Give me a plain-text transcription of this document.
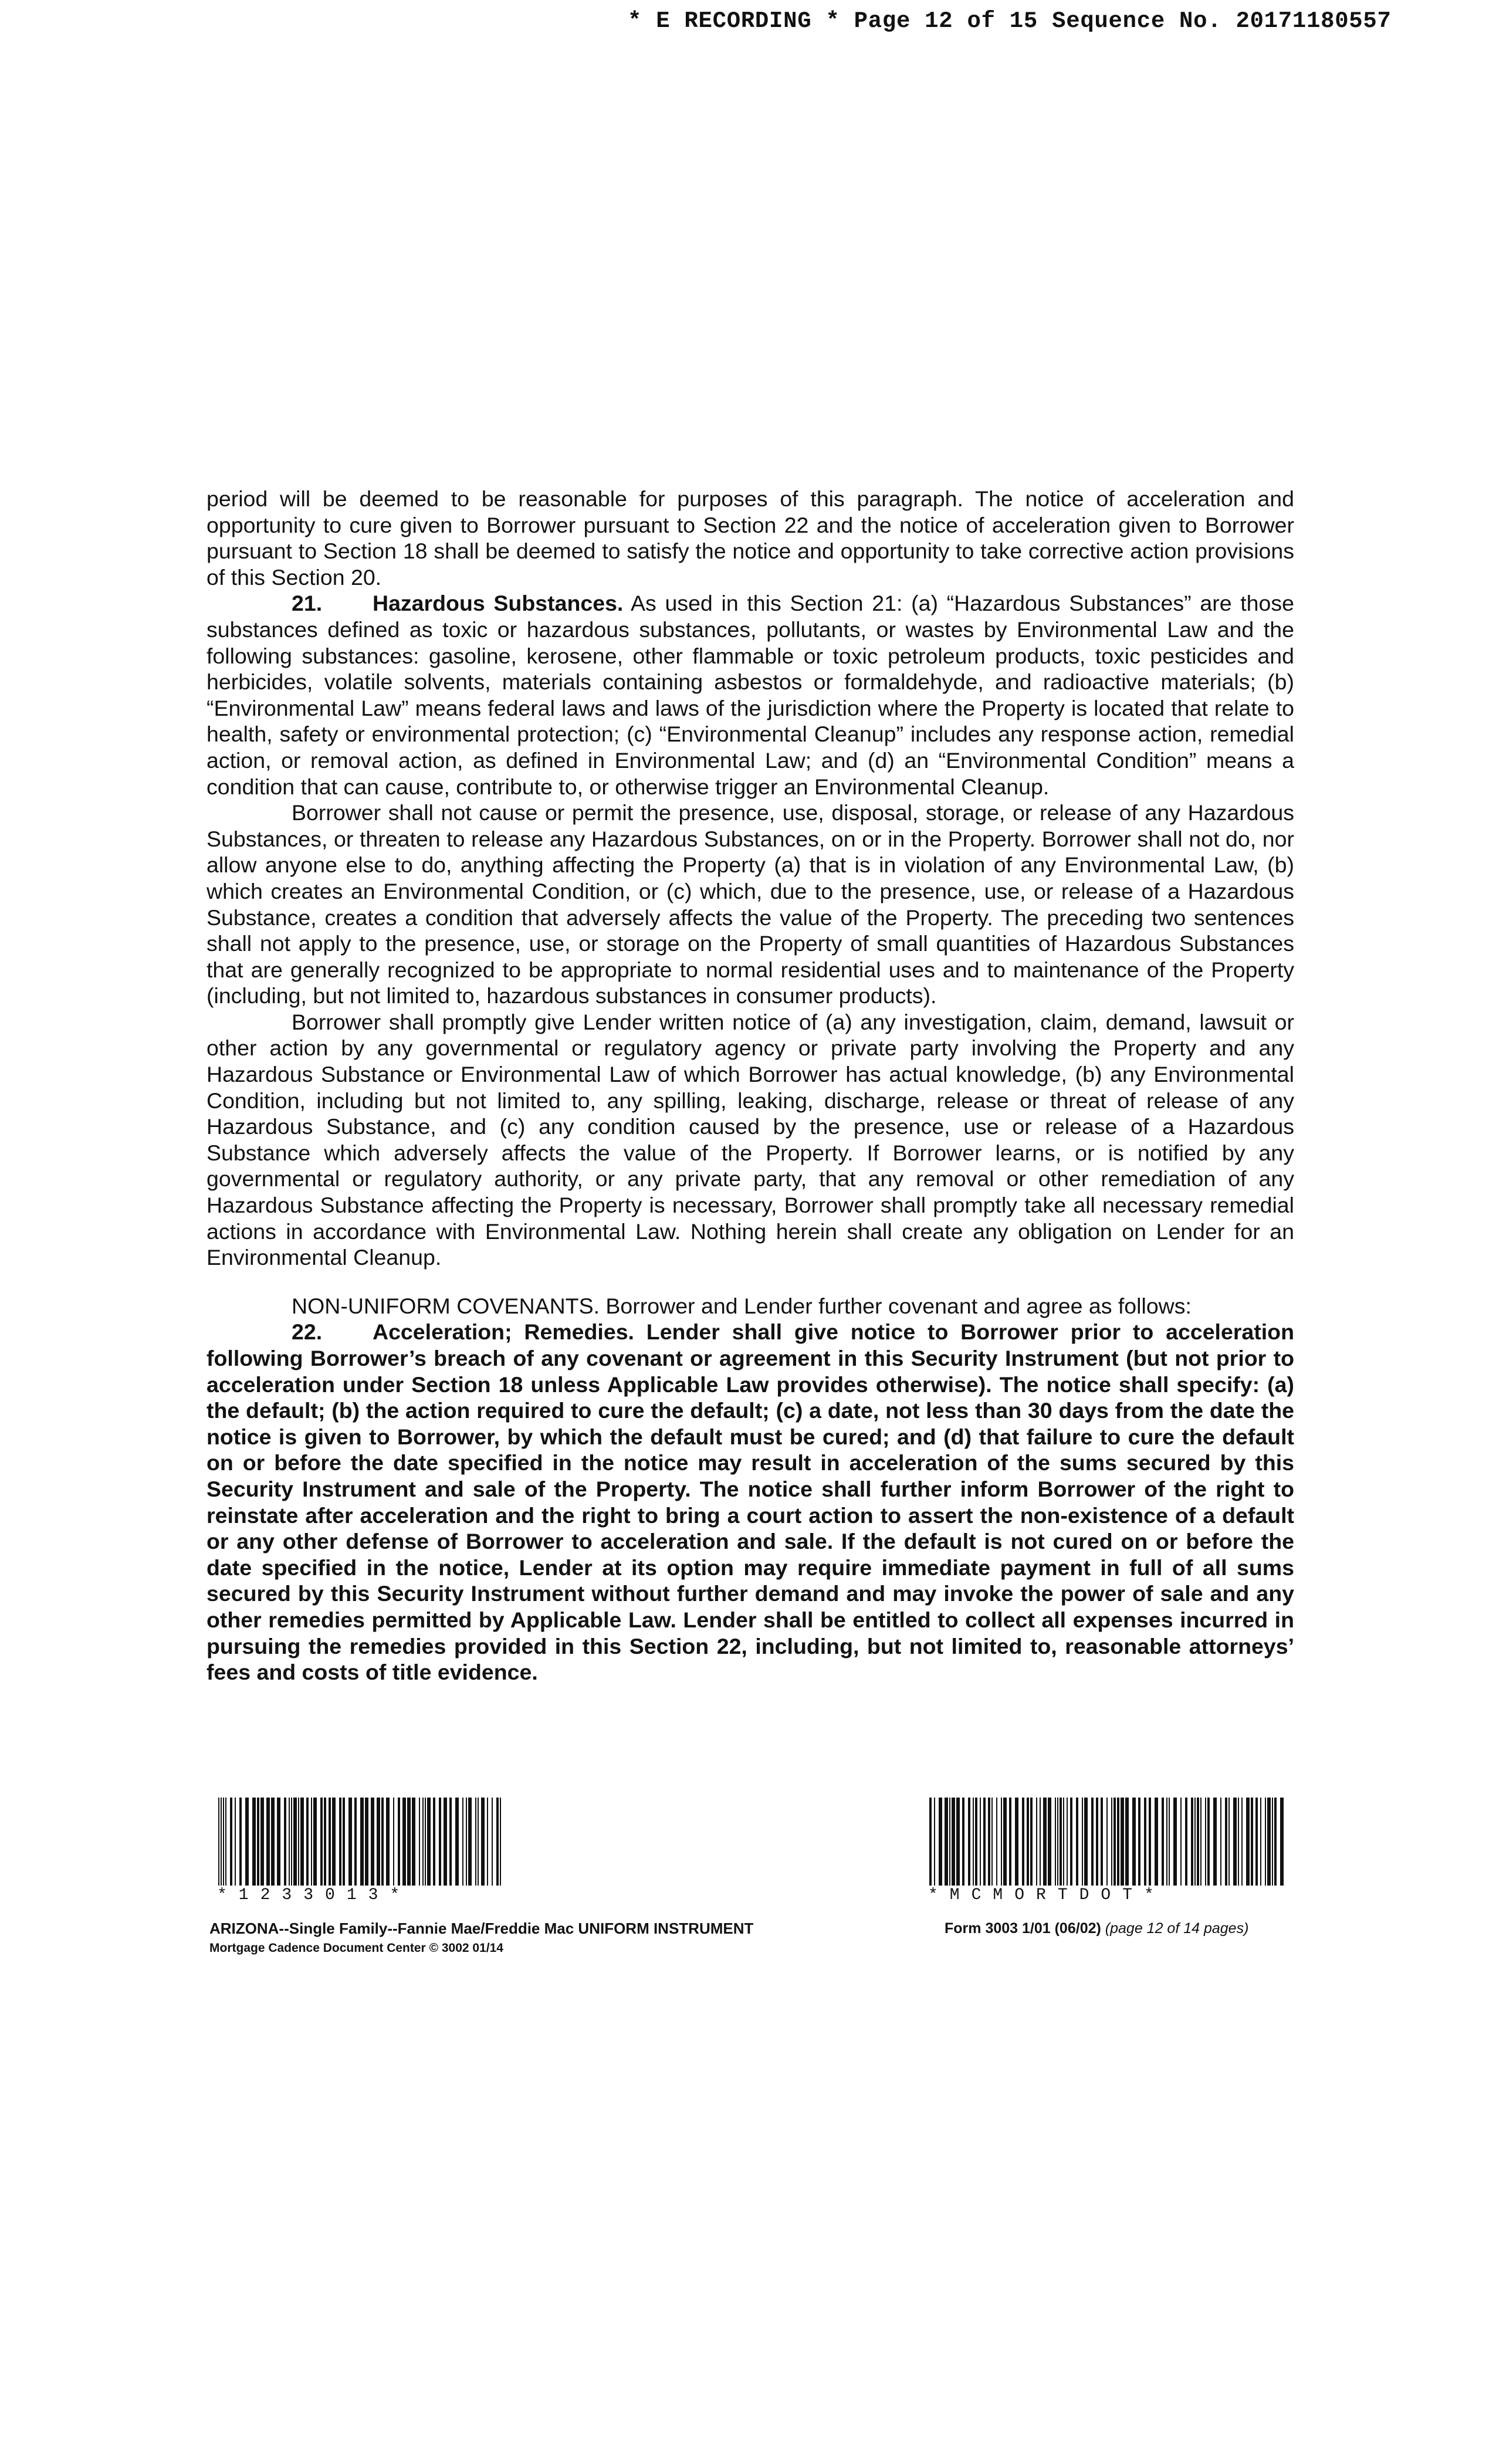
* E RECORDING * Page 12 of 15 Sequence No. 20171180557

period will be deemed to be reasonable for purposes of this paragraph. The notice of acceleration and opportunity to cure given to Borrower pursuant to Section 22 and the notice of acceleration given to Borrower pursuant to Section 18 shall be deemed to satisfy the notice and opportunity to take corrective action provisions of this Section 20.

21. Hazardous Substances. As used in this Section 21: (a) “Hazardous Substances” are those substances defined as toxic or hazardous substances, pollutants, or wastes by Environmental Law and the following substances: gasoline, kerosene, other flammable or toxic petroleum products, toxic pesticides and herbicides, volatile solvents, materials containing asbestos or formaldehyde, and radioactive materials; (b) “Environmental Law” means federal laws and laws of the jurisdiction where the Property is located that relate to health, safety or environmental protection; (c) “Environmental Cleanup” includes any response action, remedial action, or removal action, as defined in Environmental Law; and (d) an “Environmental Condition” means a condition that can cause, contribute to, or otherwise trigger an Environmental Cleanup.

Borrower shall not cause or permit the presence, use, disposal, storage, or release of any Hazardous Substances, or threaten to release any Hazardous Substances, on or in the Property. Borrower shall not do, nor allow anyone else to do, anything affecting the Property (a) that is in violation of any Environmental Law, (b) which creates an Environmental Condition, or (c) which, due to the presence, use, or release of a Hazardous Substance, creates a condition that adversely affects the value of the Property. The preceding two sentences shall not apply to the presence, use, or storage on the Property of small quantities of Hazardous Substances that are generally recognized to be appropriate to normal residential uses and to maintenance of the Property (including, but not limited to, hazardous substances in consumer products).

Borrower shall promptly give Lender written notice of (a) any investigation, claim, demand, lawsuit or other action by any governmental or regulatory agency or private party involving the Property and any Hazardous Substance or Environmental Law of which Borrower has actual knowledge, (b) any Environmental Condition, including but not limited to, any spilling, leaking, discharge, release or threat of release of any Hazardous Substance, and (c) any condition caused by the presence, use or release of a Hazardous Substance which adversely affects the value of the Property. If Borrower learns, or is notified by any governmental or regulatory authority, or any private party, that any removal or other remediation of any Hazardous Substance affecting the Property is necessary, Borrower shall promptly take all necessary remedial actions in accordance with Environmental Law. Nothing herein shall create any obligation on Lender for an Environmental Cleanup.

NON-UNIFORM COVENANTS. Borrower and Lender further covenant and agree as follows:

22. Acceleration; Remedies. Lender shall give notice to Borrower prior to acceleration following Borrower’s breach of any covenant or agreement in this Security Instrument (but not prior to acceleration under Section 18 unless Applicable Law provides otherwise). The notice shall specify: (a) the default; (b) the action required to cure the default; (c) a date, not less than 30 days from the date the notice is given to Borrower, by which the default must be cured; and (d) that failure to cure the default on or before the date specified in the notice may result in acceleration of the sums secured by this Security Instrument and sale of the Property. The notice shall further inform Borrower of the right to reinstate after acceleration and the right to bring a court action to assert the non-existence of a default or any other defense of Borrower to acceleration and sale. If the default is not cured on or before the date specified in the notice, Lender at its option may require immediate payment in full of all sums secured by this Security Instrument without further demand and may invoke the power of sale and any other remedies permitted by Applicable Law. Lender shall be entitled to collect all expenses incurred in pursuing the remedies provided in this Section 22, including, but not limited to, reasonable attorneys’ fees and costs of title evidence.

*1233013*	*MCMORTDOT*
ARIZONA--Single Family--Fannie Mae/Freddie Mac UNIFORM INSTRUMENT
Mortgage Cadence Document Center © 3002 01/14
Form 3003 1/01 (06/02) (page 12 of 14 pages)
